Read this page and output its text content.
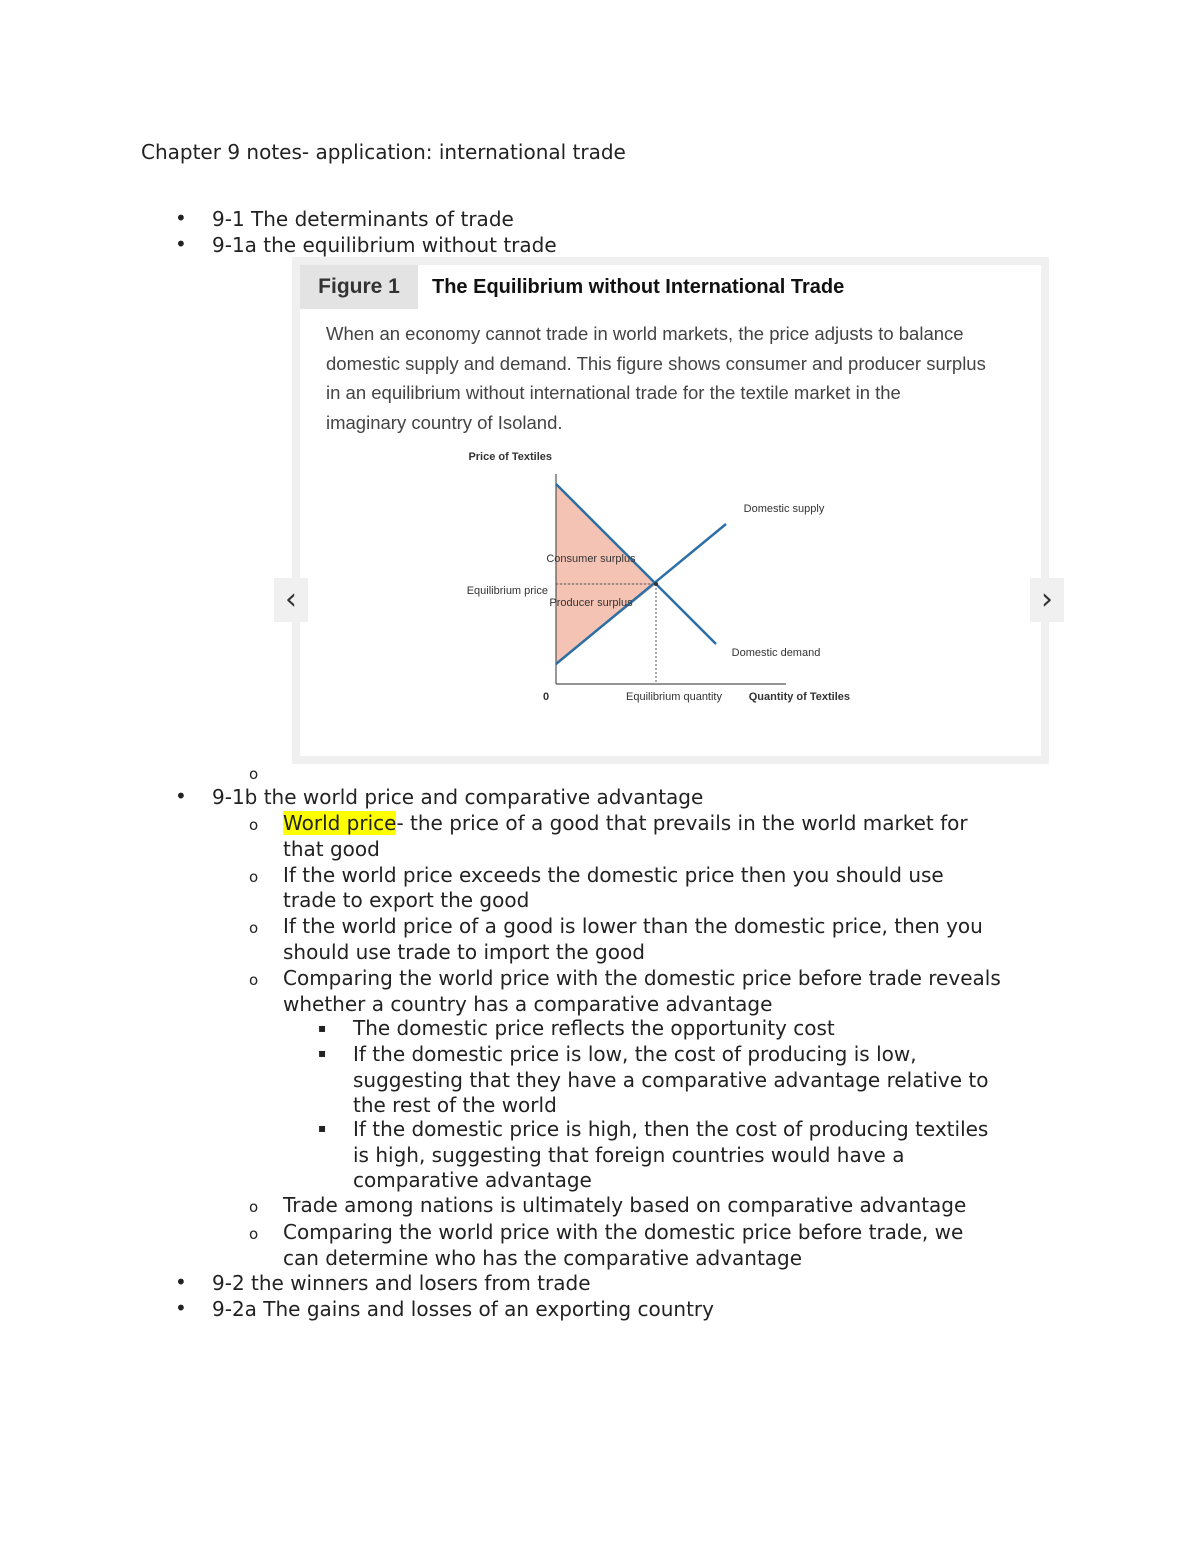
Chapter 9 notes- application: international trade
9-1 The determinants of trade
•
9-1a the equilibrium without trade
•
Figure 1	The Equilibrium without International Trade
When an economy cannot trade in world markets, the price adjusts to balance
domestic supply and demand. This figure shows consumer and producer surplus
in an equilibrium without international trade for the textile market in the
imaginary country of Isoland.
Price of Textiles
Quantity of Textiles
0	Equilibrium quantity
Equilibrium price
Consumer surplus
Producer surplus
Domestic supply
Domestic demand
‹	›
o
9-1b the world price and comparative advantage
•
o World price- the price of a good that prevails in the world market for
that good
o If the world price exceeds the domestic price then you should use
trade to export the good
o If the world price of a good is lower than the domestic price, then you
should use trade to import the good
o Comparing the world price with the domestic price before trade reveals
whether a country has a comparative advantage
▪ The domestic price reflects the opportunity cost
▪ If the domestic price is low, the cost of producing is low,
suggesting that they have a comparative advantage relative to
the rest of the world
▪ If the domestic price is high, then the cost of producing textiles
is high, suggesting that foreign countries would have a
comparative advantage
o Trade among nations is ultimately based on comparative advantage
o Comparing the world price with the domestic price before trade, we
can determine who has the comparative advantage
9-2 the winners and losers from trade
•
9-2a The gains and losses of an exporting country
•
